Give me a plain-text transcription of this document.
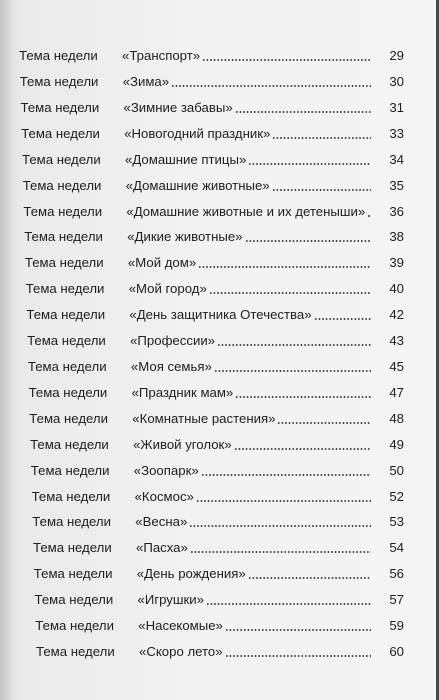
Тема недели «Транспорт»	29
Тема недели «Зима»	30
Тема недели «Зимние забавы»	31
Тема недели «Новогодний праздник»	33
Тема недели «Домашние птицы»	34
Тема недели «Домашние животные»	35
Тема недели «Домашние животные и их детеныши»	36
Тема недели «Дикие животные»	38
Тема недели «Мой дом»	39
Тема недели «Мой город»	40
Тема недели «День защитника Отечества»	42
Тема недели «Профессии»	43
Тема недели «Моя семья»	45
Тема недели «Праздник мам»	47
Тема недели «Комнатные растения»	48
Тема недели «Живой уголок»	49
Тема недели «Зоопарк»	50
Тема недели «Космос»	52
Тема недели «Весна»	53
Тема недели «Пасха»	54
Тема недели «День рождения»	56
Тема недели «Игрушки»	57
Тема недели «Насекомые»	59
Тема недели «Скоро лето»	60
